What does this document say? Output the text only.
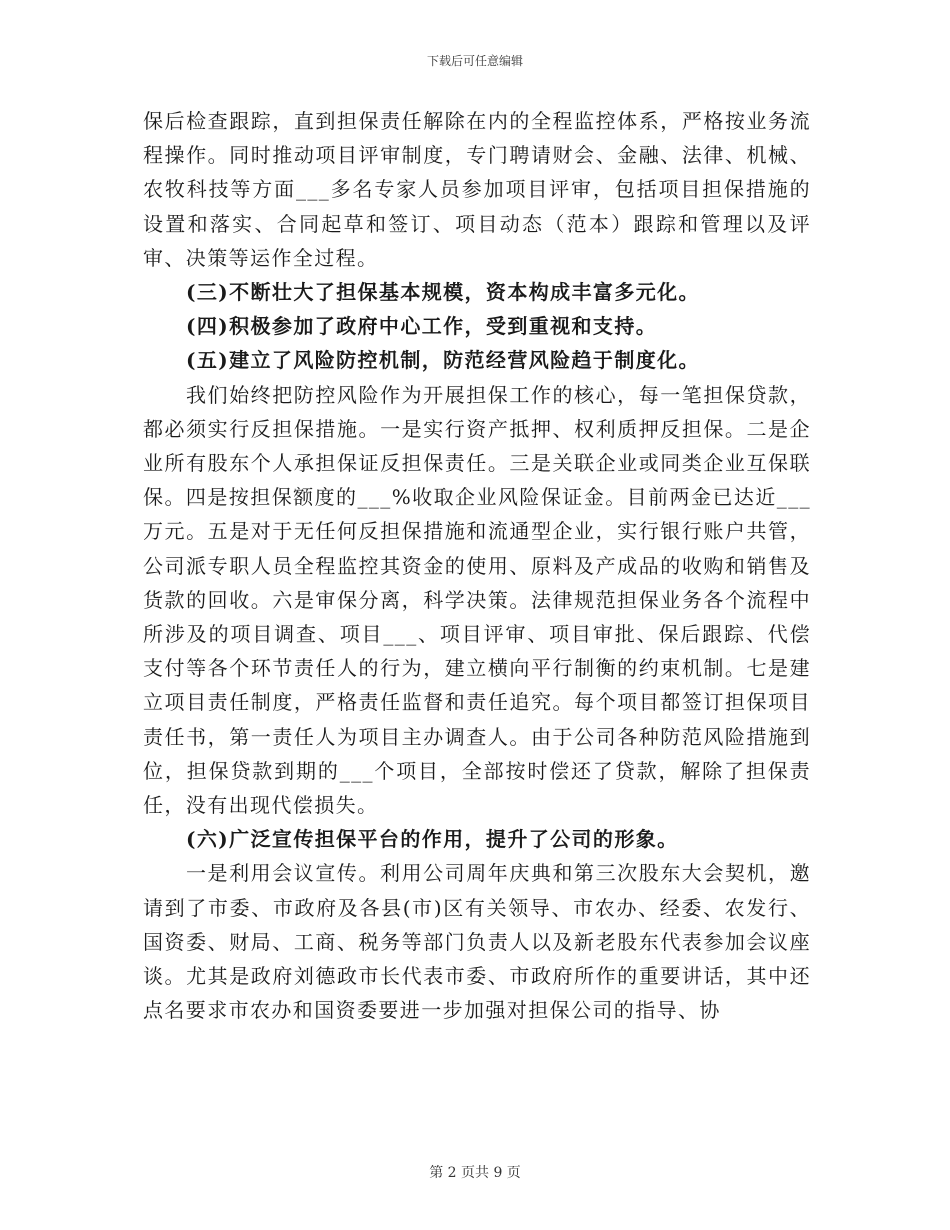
下载后可任意编辑

保后检查跟踪，直到担保责任解除在内的全程监控体系，严格按业务流程操作。同时推动项目评审制度，专门聘请财会、金融、法律、机械、农牧科技等方面___多名专家人员参加项目评审，包括项目担保措施的设置和落实、合同起草和签订、项目动态（范本）跟踪和管理以及评审、决策等运作全过程。

(三)不断壮大了担保基本规模，资本构成丰富多元化。

(四)积极参加了政府中心工作，受到重视和支持。

(五)建立了风险防控机制，防范经营风险趋于制度化。

我们始终把防控风险作为开展担保工作的核心，每一笔担保贷款，都必须实行反担保措施。一是实行资产抵押、权利质押反担保。二是企业所有股东个人承担保证反担保责任。三是关联企业或同类企业互保联保。四是按担保额度的___%收取企业风险保证金。目前两金已达近___万元。五是对于无任何反担保措施和流通型企业，实行银行账户共管，公司派专职人员全程监控其资金的使用、原料及产成品的收购和销售及货款的回收。六是审保分离，科学决策。法律规范担保业务各个流程中所涉及的项目调查、项目___、项目评审、项目审批、保后跟踪、代偿支付等各个环节责任人的行为，建立横向平行制衡的约束机制。七是建立项目责任制度，严格责任监督和责任追究。每个项目都签订担保项目责任书，第一责任人为项目主办调查人。由于公司各种防范风险措施到位，担保贷款到期的___个项目，全部按时偿还了贷款，解除了担保责任，没有出现代偿损失。

(六)广泛宣传担保平台的作用，提升了公司的形象。

一是利用会议宣传。利用公司周年庆典和第三次股东大会契机，邀请到了市委、市政府及各县(市)区有关领导、市农办、经委、农发行、国资委、财局、工商、税务等部门负责人以及新老股东代表参加会议座谈。尤其是政府刘德政市长代表市委、市政府所作的重要讲话，其中还点名要求市农办和国资委要进一步加强对担保公司的指导、协

第 2 页共 9 页
